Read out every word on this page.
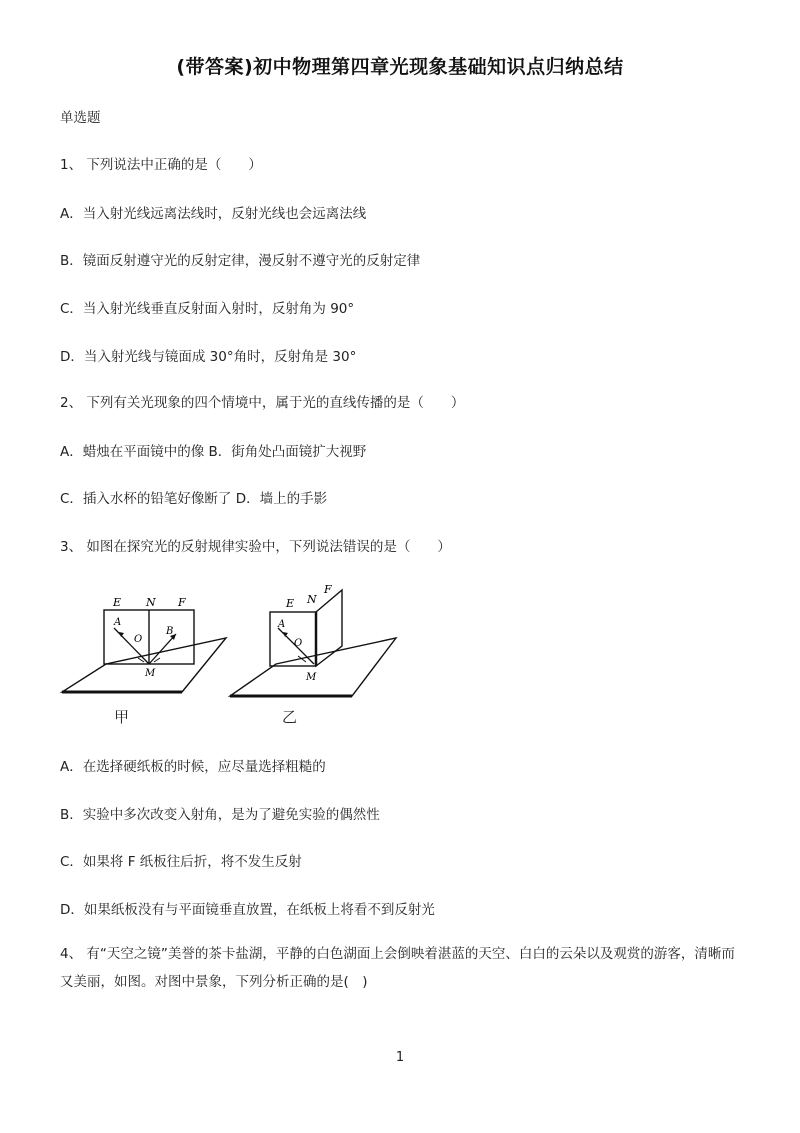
(带答案)初中物理第四章光现象基础知识点归纳总结
单选题
1、 下列说法中正确的是（　　）
A．当入射光线远离法线时，反射光线也会远离法线
B．镜面反射遵守光的反射定律，漫反射不遵守光的反射定律
C．当入射光线垂直反射面入射时，反射角为 90°
D．当入射光线与镜面成 30°角时，反射角是 30°
2、 下列有关光现象的四个情境中，属于光的直线传播的是（　　）
A．蜡烛在平面镜中的像 B．街角处凸面镜扩大视野
C．插入水杯的铅笔好像断了 D．墙上的手影
3、 如图在探究光的反射规律实验中，下列说法错误的是（　　）
E N F
A
O
B
M
E N
F
A
O
M
甲	乙
A．在选择硬纸板的时候，应尽量选择粗糙的
B．实验中多次改变入射角，是为了避免实验的偶然性
C．如果将 F 纸板往后折，将不发生反射
D．如果纸板没有与平面镜垂直放置，在纸板上将看不到反射光
4、 有“天空之镜”美誉的茶卡盐湖，平静的白色湖面上会倒映着湛蓝的天空、白白的云朵以及观赏的游客，清晰而又美丽，如图。对图中景象，下列分析正确的是(　)
1
